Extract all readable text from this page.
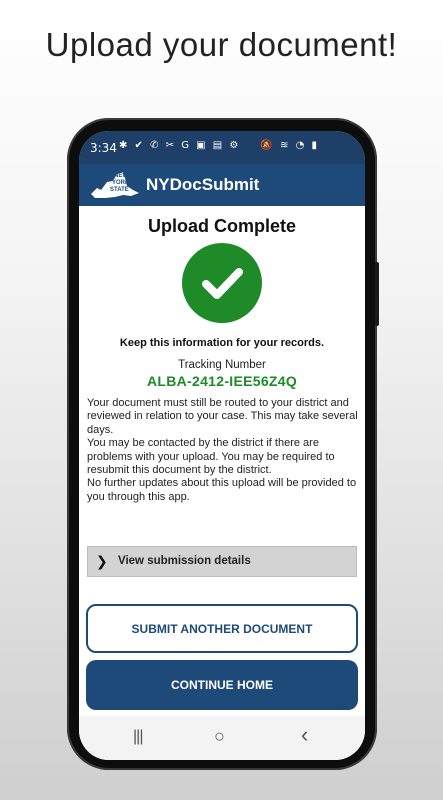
Upload your document!
3:34 ✱ ✔ ✆ ✂ G ▣ ▤ ⚙ 🔕 ≋ ◔ ▮
NEW
YORK
STATE NYDocSubmit
Upload Complete
Keep this information for your records.
Tracking Number
ALBA-2412-IEE56Z4Q
Your document must still be routed to your district and reviewed in relation to your case. This may take several days.
You may be contacted by the district if there are problems with your upload. You may be required to resubmit this document by the district.
No further updates about this upload will be provided to you through this app.
❯ View submission details
SUBMIT ANOTHER DOCUMENT
CONTINUE HOME
|||	○	‹
